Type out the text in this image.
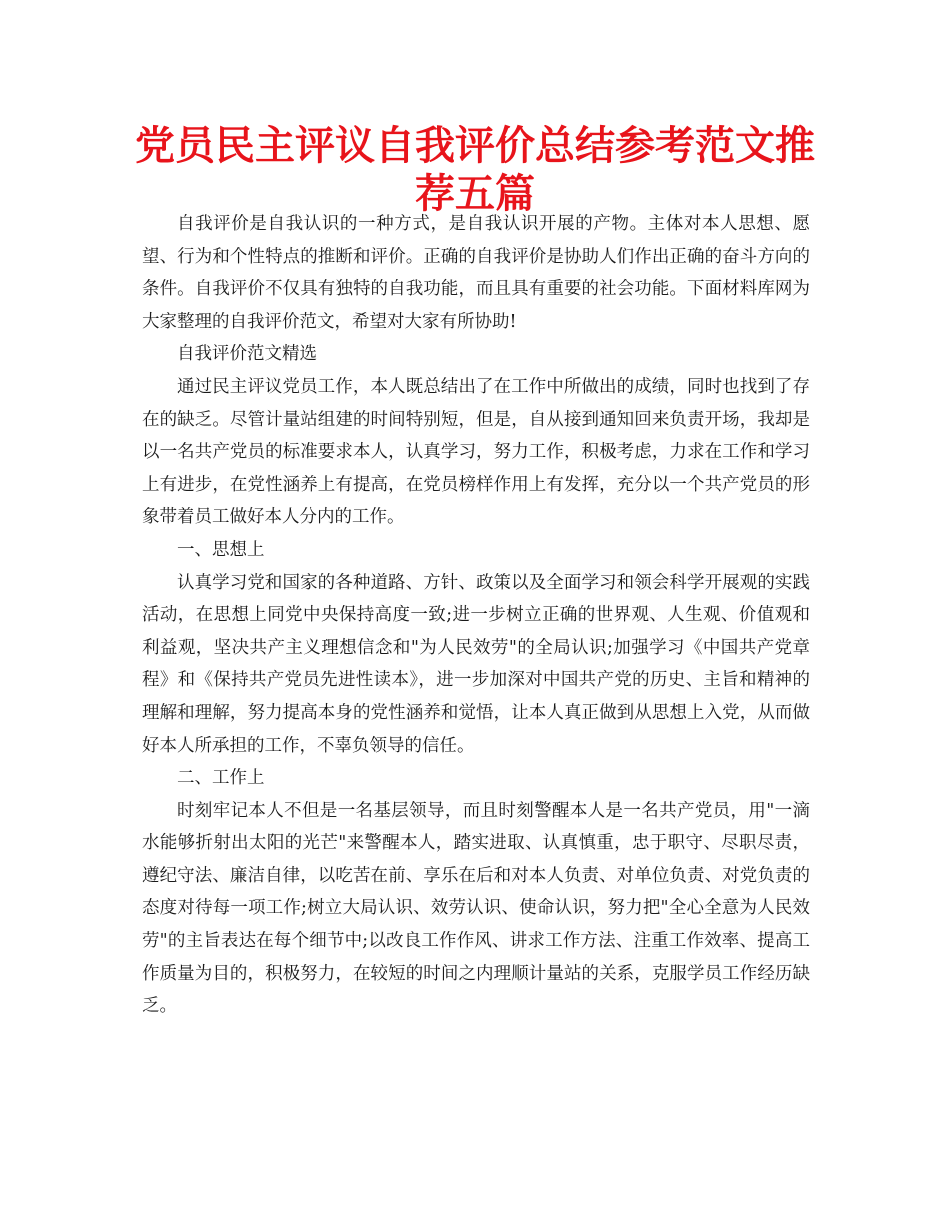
党员民主评议自我评价总结参考范文推荐五篇

自我评价是自我认识的一种方式，是自我认识开展的产物。主体对本人思想、愿望、行为和个性特点的推断和评价。正确的自我评价是协助人们作出正确的奋斗方向的条件。自我评价不仅具有独特的自我功能，而且具有重要的社会功能。下面材料库网为大家整理的自我评价范文，希望对大家有所协助!

自我评价范文精选

通过民主评议党员工作，本人既总结出了在工作中所做出的成绩，同时也找到了存在的缺乏。尽管计量站组建的时间特别短，但是，自从接到通知回来负责开场，我却是以一名共产党员的标准要求本人，认真学习，努力工作，积极考虑，力求在工作和学习上有进步，在党性涵养上有提高，在党员榜样作用上有发挥，充分以一个共产党员的形象带着员工做好本人分内的工作。

一、思想上

认真学习党和国家的各种道路、方针、政策以及全面学习和领会科学开展观的实践活动，在思想上同党中央保持高度一致;进一步树立正确的世界观、人生观、价值观和利益观，坚决共产主义理想信念和"为人民效劳"的全局认识;加强学习《中国共产党章程》和《保持共产党员先进性读本》，进一步加深对中国共产党的历史、主旨和精神的理解和理解，努力提高本身的党性涵养和觉悟，让本人真正做到从思想上入党，从而做好本人所承担的工作，不辜负领导的信任。

二、工作上

时刻牢记本人不但是一名基层领导，而且时刻警醒本人是一名共产党员，用"一滴水能够折射出太阳的光芒"来警醒本人，踏实进取、认真慎重，忠于职守、尽职尽责，遵纪守法、廉洁自律，以吃苦在前、享乐在后和对本人负责、对单位负责、对党负责的态度对待每一项工作;树立大局认识、效劳认识、使命认识，努力把"全心全意为人民效劳"的主旨表达在每个细节中;以改良工作作风、讲求工作方法、注重工作效率、提高工作质量为目的，积极努力，在较短的时间之内理顺计量站的关系，克服学员工作经历缺乏。
